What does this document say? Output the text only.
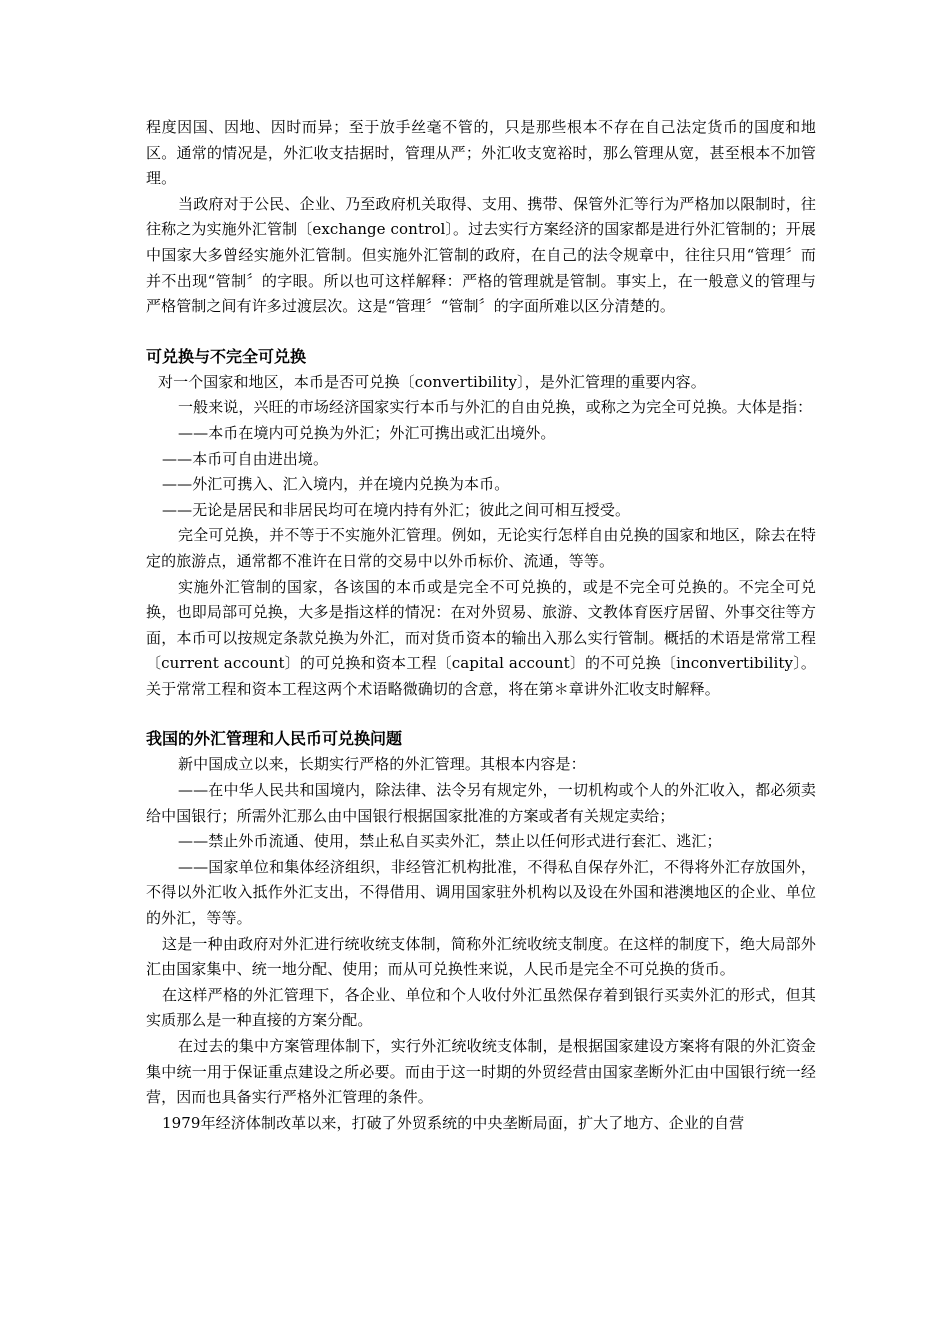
程度因国、因地、因时而异；至于放手丝毫不管的，只是那些根本不存在自己法定货币的国度和地区。通常的情况是，外汇收支拮据时，管理从严；外汇收支宽裕时，那么管理从宽，甚至根本不加管理。

当政府对于公民、企业、乃至政府机关取得、支用、携带、保管外汇等行为严格加以限制时，往往称之为实施外汇管制〔exchange control〕。过去实行方案经济的国家都是进行外汇管制的；开展中国家大多曾经实施外汇管制。但实施外汇管制的政府，在自己的法令规章中，往往只用“管理〞而并不出现“管制〞的字眼。所以也可这样解释：严格的管理就是管制。事实上，在一般意义的管理与严格管制之间有许多过渡层次。这是“管理〞“管制〞的字面所难以区分清楚的。

可兑换与不完全可兑换

对一个国家和地区，本币是否可兑换〔convertibility〕，是外汇管理的重要内容。

一般来说，兴旺的市场经济国家实行本币与外汇的自由兑换，或称之为完全可兑换。大体是指：

——本币在境内可兑换为外汇；外汇可携出或汇出境外。

——本币可自由进出境。

——外汇可携入、汇入境内，并在境内兑换为本币。

——无论是居民和非居民均可在境内持有外汇；彼此之间可相互授受。

完全可兑换，并不等于不实施外汇管理。例如，无论实行怎样自由兑换的国家和地区，除去在特定的旅游点，通常都不准许在日常的交易中以外币标价、流通，等等。

实施外汇管制的国家，各该国的本币或是完全不可兑换的，或是不完全可兑换的。不完全可兑换，也即局部可兑换，大多是指这样的情况：在对外贸易、旅游、文教体育医疗居留、外事交往等方面，本币可以按规定条款兑换为外汇，而对货币资本的输出入那么实行管制。概括的术语是常常工程〔current account〕的可兑换和资本工程〔capital account〕的不可兑换〔inconvertibility〕。关于常常工程和资本工程这两个术语略微确切的含意，将在第＊章讲外汇收支时解释。

我国的外汇管理和人民币可兑换问题

新中国成立以来，长期实行严格的外汇管理。其根本内容是：

——在中华人民共和国境内，除法律、法令另有规定外，一切机构或个人的外汇收入，都必须卖给中国银行；所需外汇那么由中国银行根据国家批准的方案或者有关规定卖给；

——禁止外币流通、使用，禁止私自买卖外汇，禁止以任何形式进行套汇、逃汇；

——国家单位和集体经济组织，非经管汇机构批准，不得私自保存外汇，不得将外汇存放国外，不得以外汇收入抵作外汇支出，不得借用、调用国家驻外机构以及设在外国和港澳地区的企业、单位的外汇，等等。

这是一种由政府对外汇进行统收统支体制，简称外汇统收统支制度。在这样的制度下，绝大局部外汇由国家集中、统一地分配、使用；而从可兑换性来说，人民币是完全不可兑换的货币。

在这样严格的外汇管理下，各企业、单位和个人收付外汇虽然保存着到银行买卖外汇的形式，但其实质那么是一种直接的方案分配。

在过去的集中方案管理体制下，实行外汇统收统支体制，是根据国家建设方案将有限的外汇资金集中统一用于保证重点建设之所必要。而由于这一时期的外贸经营由国家垄断外汇由中国银行统一经营，因而也具备实行严格外汇管理的条件。

1979年经济体制改革以来，打破了外贸系统的中央垄断局面，扩大了地方、企业的自营
